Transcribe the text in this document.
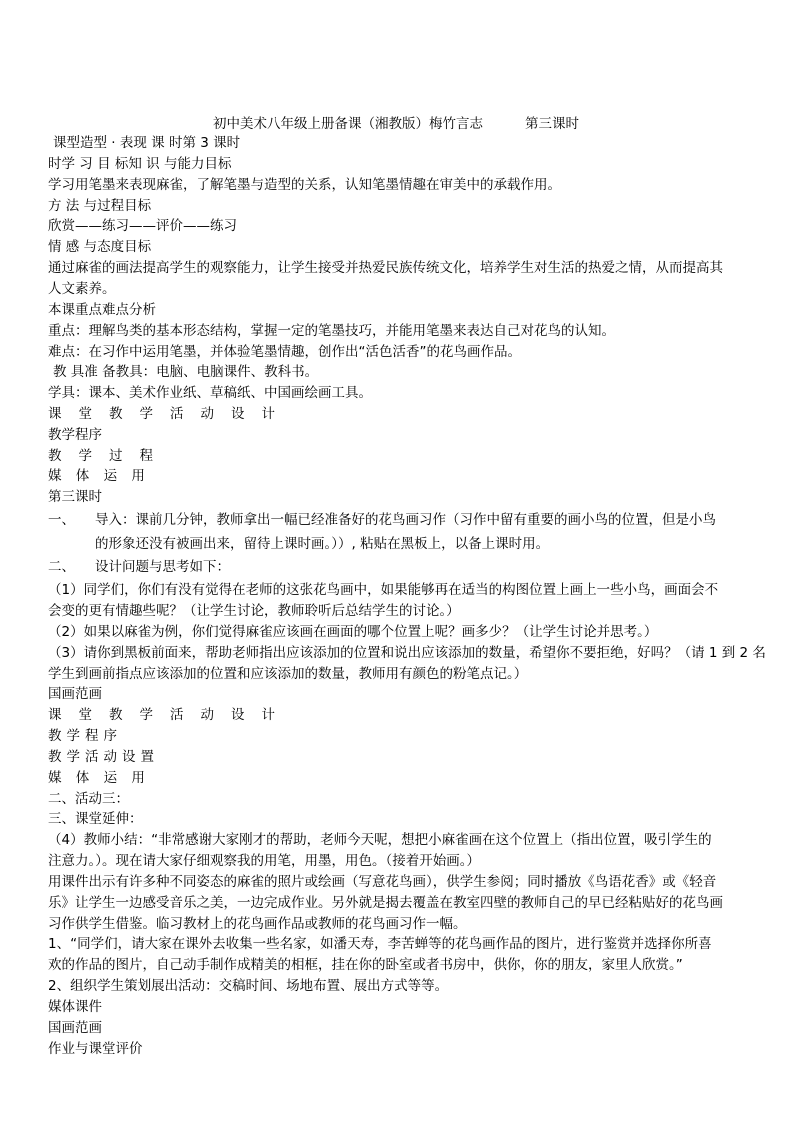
初中美术八年级上册备课（湘教版）梅竹言志	第三课时
课型造型 · 表现 课 时第 3 课时
时学 习 目 标知 识 与能力目标
学习用笔墨来表现麻雀，了解笔墨与造型的关系，认知笔墨情趣在审美中的承载作用。
方 法 与过程目标
欣赏——练习——评价——练习
情 感 与态度目标
通过麻雀的画法提高学生的观察能力，让学生接受并热爱民族传统文化，培养学生对生活的热爱之情，从而提高其
人文素养。
本课重点难点分析
重点：理解鸟类的基本形态结构，掌握一定的笔墨技巧，并能用笔墨来表达自己对花鸟的认知。
难点：在习作中运用笔墨，并体验笔墨情趣，创作出“活色活香”的花鸟画作品。
教 具准 备教具：电脑、电脑课件、教科书。
学具：课本、美术作业纸、草稿纸、中国画绘画工具。
课堂教学活动设计
教学程序
教学过程
媒 体 运 用
第三课时
一、 导入：课前几分钟，教师拿出一幅已经准备好的花鸟画习作（习作中留有重要的画小鸟的位置，但是小鸟
的形象还没有被画出来，留待上课时画。））, 粘贴在黑板上，以备上课时用。
二、 设计问题与思考如下：
（1）同学们，你们有没有觉得在老师的这张花鸟画中，如果能够再在适当的构图位置上画上一些小鸟，画面会不
会变的更有情趣些呢？（让学生讨论，教师聆听后总结学生的讨论。）
（2）如果以麻雀为例，你们觉得麻雀应该画在画面的哪个位置上呢？画多少？（让学生讨论并思考。）
（3）请你到黑板前面来，帮助老师指出应该添加的位置和说出应该添加的数量，希望你不要拒绝，好吗？（请 1 到 2 名
学生到画前指点应该添加的位置和应该添加的数量，教师用有颜色的粉笔点记。）
国画范画
课堂教学活动设计
教学程序
教学活动设置
媒 体 运 用
二、活动三：
三、课堂延伸：
（4）教师小结：“非常感谢大家刚才的帮助，老师今天呢，想把小麻雀画在这个位置上（指出位置，吸引学生的
注意力。）。现在请大家仔细观察我的用笔，用墨，用色。（接着开始画。）
用课件出示有许多种不同姿态的麻雀的照片或绘画（写意花鸟画），供学生参阅；同时播放《鸟语花香》或《轻音
乐》让学生一边感受音乐之美，一边完成作业。另外就是揭去覆盖在教室四壁的教师自己的早已经粘贴好的花鸟画
习作供学生借鉴。临习教材上的花鸟画作品或教师的花鸟画习作一幅。
1、“同学们，请大家在课外去收集一些名家，如潘天寿，李苦蝉等的花鸟画作品的图片，进行鉴赏并选择你所喜
欢的作品的图片，自己动手制作成精美的相框，挂在你的卧室或者书房中，供你，你的朋友，家里人欣赏。”
2、组织学生策划展出活动：交稿时间、场地布置、展出方式等等。
媒体课件
国画范画
作业与课堂评价
